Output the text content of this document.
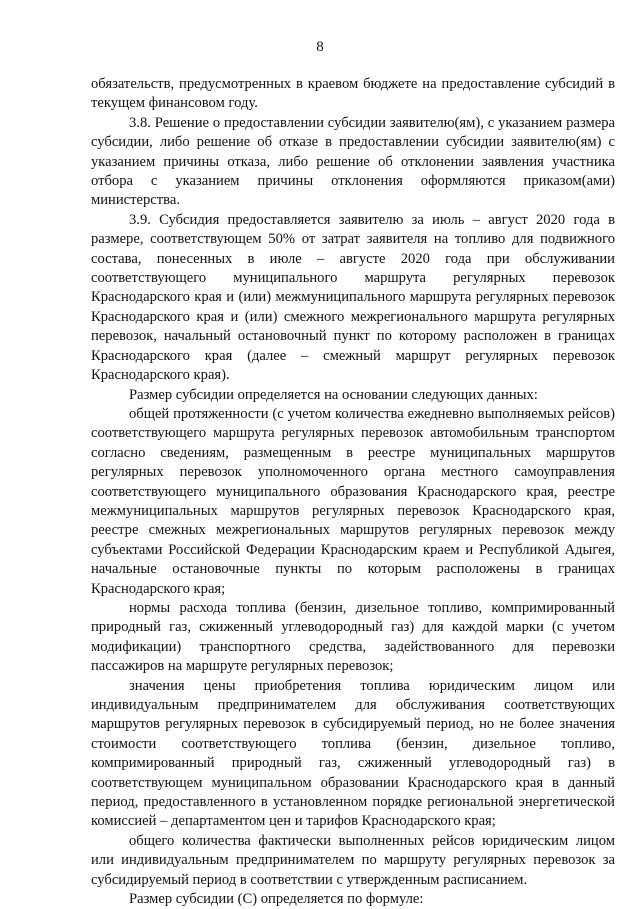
8

обязательств, предусмотренных в краевом бюджете на предоставление субсидий в текущем финансовом году.

3.8. Решение о предоставлении субсидии заявителю(ям), с указанием размера субсидии, либо решение об отказе в предоставлении субсидии заявителю(ям) с указанием причины отказа, либо решение об отклонении заявления участника отбора с указанием причины отклонения оформляются приказом(ами) министерства.

3.9. Субсидия предоставляется заявителю за июль – август 2020 года в размере, соответствующем 50% от затрат заявителя на топливо для подвижного состава, понесенных в июле – августе 2020 года при обслуживании соответствующего муниципального маршрута регулярных перевозок Краснодарского края и (или) межмуниципального маршрута регулярных перевозок Краснодарского края и (или) смежного межрегионального маршрута регулярных перевозок, начальный остановочный пункт по которому расположен в границах Краснодарского края (далее – смежный маршрут регулярных перевозок Краснодарского края).

Размер субсидии определяется на основании следующих данных:

общей протяженности (с учетом количества ежедневно выполняемых рейсов) соответствующего маршрута регулярных перевозок автомобильным транспортом согласно сведениям, размещенным в реестре муниципальных маршрутов регулярных перевозок уполномоченного органа местного самоуправления соответствующего муниципального образования Краснодарского края, реестре межмуниципальных маршрутов регулярных перевозок Краснодарского края, реестре смежных межрегиональных маршрутов регулярных перевозок между субъектами Российской Федерации Краснодарским краем и Республикой Адыгея, начальные остановочные пункты по которым расположены в границах Краснодарского края;

нормы расхода топлива (бензин, дизельное топливо, компримированный природный газ, сжиженный углеводородный газ) для каждой марки (с учетом модификации) транспортного средства, задействованного для перевозки пассажиров на маршруте регулярных перевозок;

значения цены приобретения топлива юридическим лицом или индивидуальным предпринимателем для обслуживания соответствующих маршрутов регулярных перевозок в субсидируемый период, но не более значения стоимости соответствующего топлива (бензин, дизельное топливо, компримированный природный газ, сжиженный углеводородный газ) в соответствующем муниципальном образовании Краснодарского края в данный период, предоставленного в установленном порядке региональной энергетической комиссией – департаментом цен и тарифов Краснодарского края;

общего количества фактически выполненных рейсов юридическим лицом или индивидуальным предпринимателем по маршруту регулярных перевозок за субсидируемый период в соответствии с утвержденным расписанием.

Размер субсидии (С) определяется по формуле:
